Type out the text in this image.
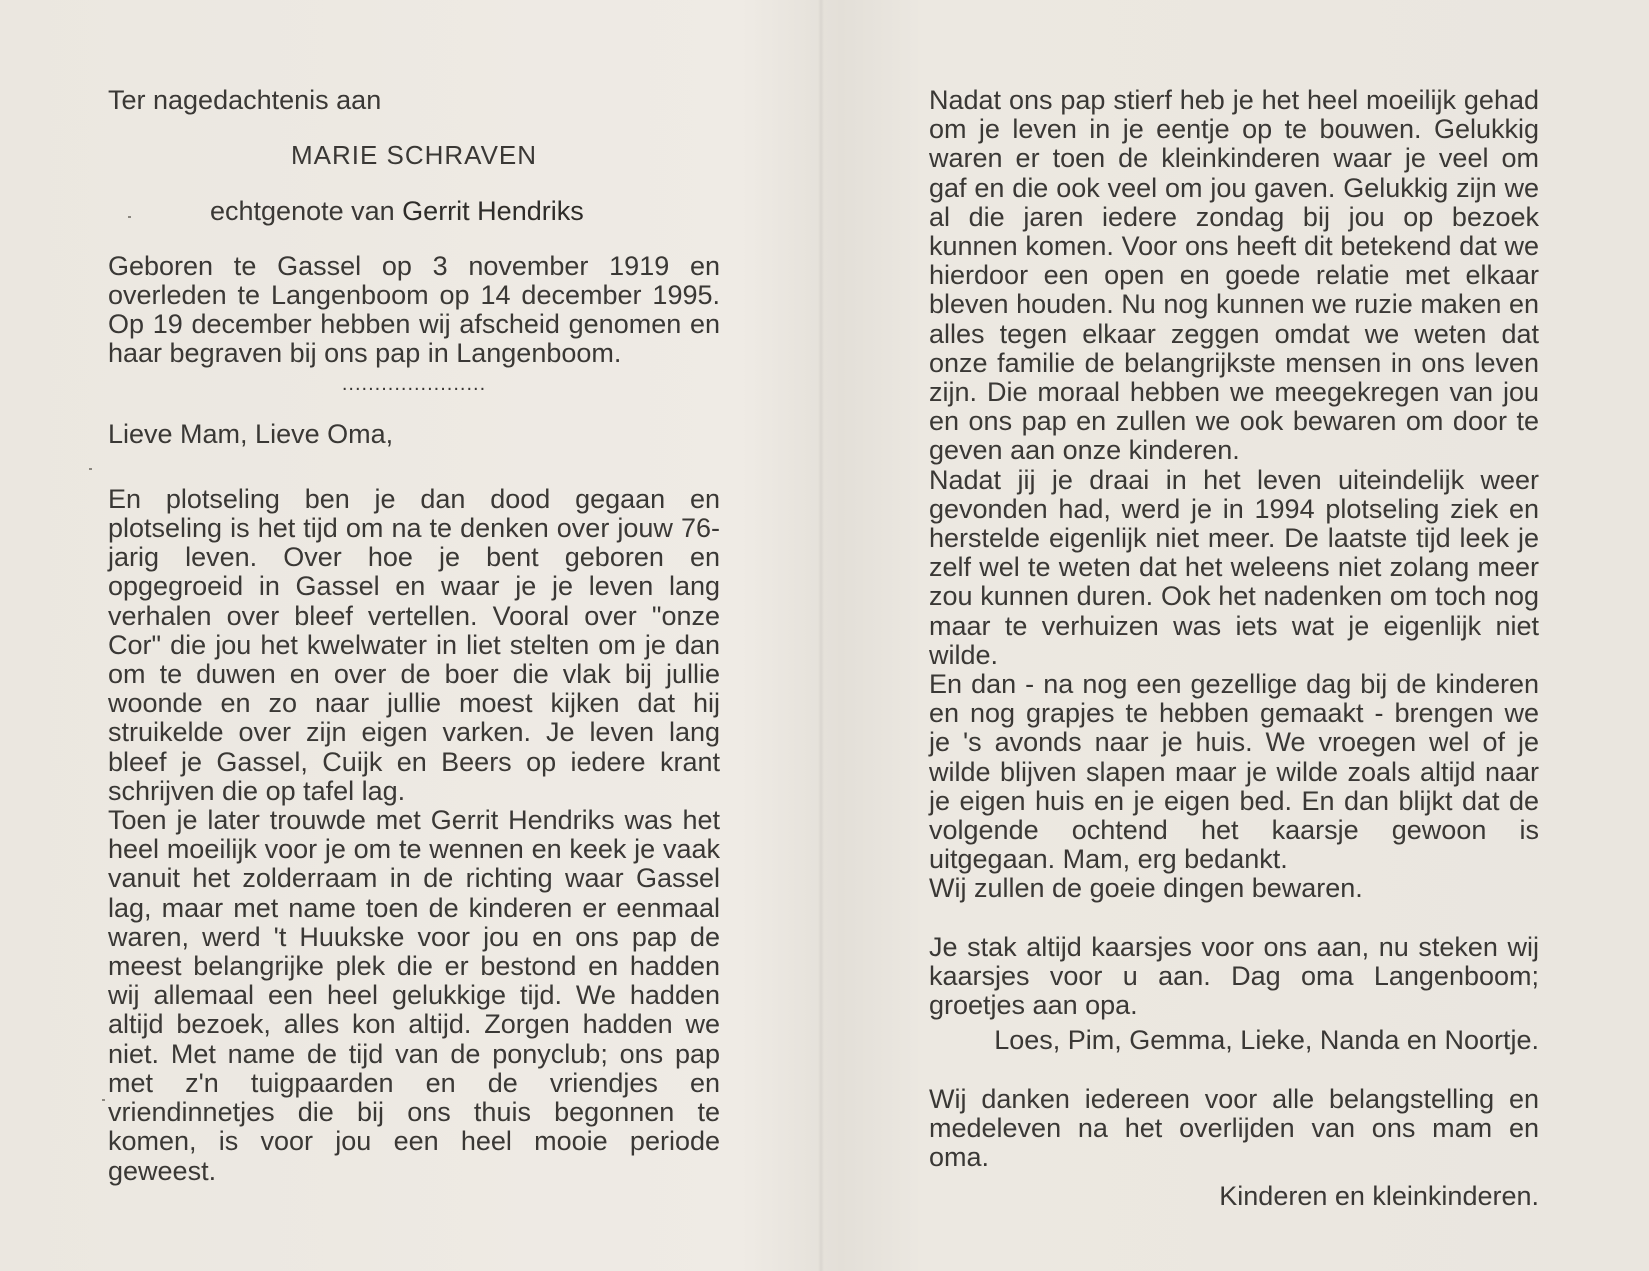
Ter nagedachtenis aan

MARIE SCHRAVEN

echtgenote van Gerrit Hendriks

Geboren te Gassel op 3 november 1919 en overleden te Langenboom op 14 december 1995. Op 19 december hebben wij afscheid genomen en haar begraven bij ons pap in Langenboom.

......................

Lieve Mam, Lieve Oma,

En plotseling ben je dan dood gegaan en plotseling is het tijd om na te denken over jouw 76-jarig leven. Over hoe je bent geboren en opgegroeid in Gassel en waar je je leven lang verhalen over bleef vertellen. Vooral over "onze Cor" die jou het kwelwater in liet stelten om je dan om te duwen en over de boer die vlak bij jullie woonde en zo naar jullie moest kijken dat hij struikelde over zijn eigen varken. Je leven lang bleef je Gassel, Cuijk en Beers op iedere krant schrijven die op tafel lag.

Toen je later trouwde met Gerrit Hendriks was het heel moeilijk voor je om te wennen en keek je vaak vanuit het zolderraam in de richting waar Gassel lag, maar met name toen de kinderen er eenmaal waren, werd 't Huukske voor jou en ons pap de meest belangrijke plek die er bestond en hadden wij allemaal een heel gelukkige tijd. We hadden altijd bezoek, alles kon altijd. Zorgen hadden we niet. Met name de tijd van de ponyclub; ons pap met z'n tuigpaarden en de vriendjes en vriendinnetjes die bij ons thuis begonnen te komen, is voor jou een heel mooie periode geweest.

Nadat ons pap stierf heb je het heel moeilijk gehad om je leven in je eentje op te bouwen. Gelukkig waren er toen de kleinkinderen waar je veel om gaf en die ook veel om jou gaven. Gelukkig zijn we al die jaren iedere zondag bij jou op bezoek kunnen komen. Voor ons heeft dit betekend dat we hierdoor een open en goede relatie met elkaar bleven houden. Nu nog kunnen we ruzie maken en alles tegen elkaar zeggen omdat we weten dat onze familie de belangrijkste mensen in ons leven zijn. Die moraal hebben we meegekregen van jou en ons pap en zullen we ook bewaren om door te geven aan onze kinderen.

Nadat jij je draai in het leven uiteindelijk weer gevonden had, werd je in 1994 plotseling ziek en herstelde eigenlijk niet meer. De laatste tijd leek je zelf wel te weten dat het weleens niet zolang meer zou kunnen duren. Ook het nadenken om toch nog maar te verhuizen was iets wat je eigenlijk niet wilde.

En dan - na nog een gezellige dag bij de kinderen en nog grapjes te hebben gemaakt - brengen we je 's avonds naar je huis. We vroegen wel of je wilde blijven slapen maar je wilde zoals altijd naar je eigen huis en je eigen bed. En dan blijkt dat de volgende ochtend het kaarsje gewoon is uitgegaan. Mam, erg bedankt.

Wij zullen de goeie dingen bewaren.

Je stak altijd kaarsjes voor ons aan, nu steken wij kaarsjes voor u aan. Dag oma Langenboom; groetjes aan opa.

Loes, Pim, Gemma, Lieke, Nanda en Noortje.

Wij danken iedereen voor alle belangstelling en medeleven na het overlijden van ons mam en oma.

Kinderen en kleinkinderen.
